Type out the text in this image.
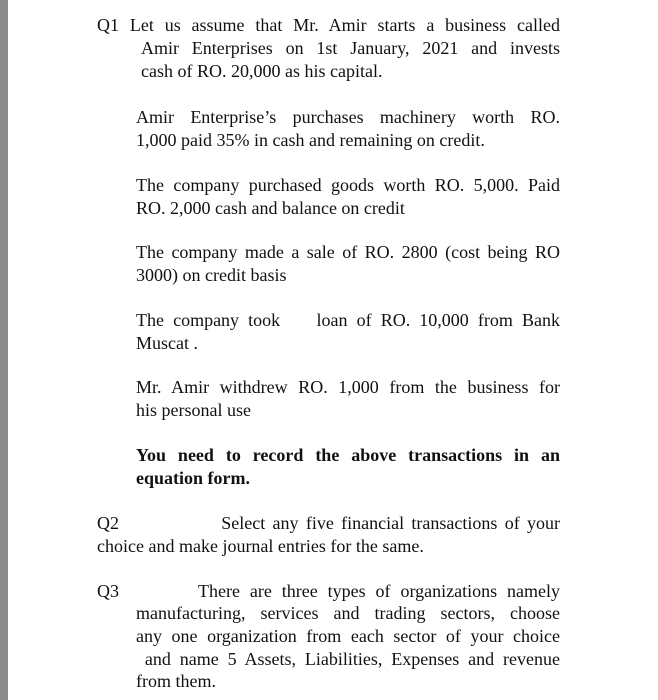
Q1 Let us assume that Mr. Amir starts a business called
Amir Enterprises on 1st January, 2021 and invests
cash of RO. 20,000 as his capital.
Amir Enterprise’s purchases machinery worth RO.
1,000 paid 35% in cash and remaining on credit.
The company purchased goods worth RO. 5,000. Paid
RO. 2,000 cash and balance on credit
The company made a sale of RO. 2800 (cost being RO
3000) on credit basis
The company took    loan of RO. 10,000 from Bank
Muscat .
Mr. Amir withdrew RO. 1,000 from the business for
his personal use
You need to record the above transactions in an
equation form.
Q2              Select any five financial transactions of your
choice and make journal entries for the same.
Q3        There are three types of organizations namely
manufacturing, services and trading sectors, choose
any one organization from each sector of your choice
and name 5 Assets, Liabilities, Expenses and revenue
from them.
